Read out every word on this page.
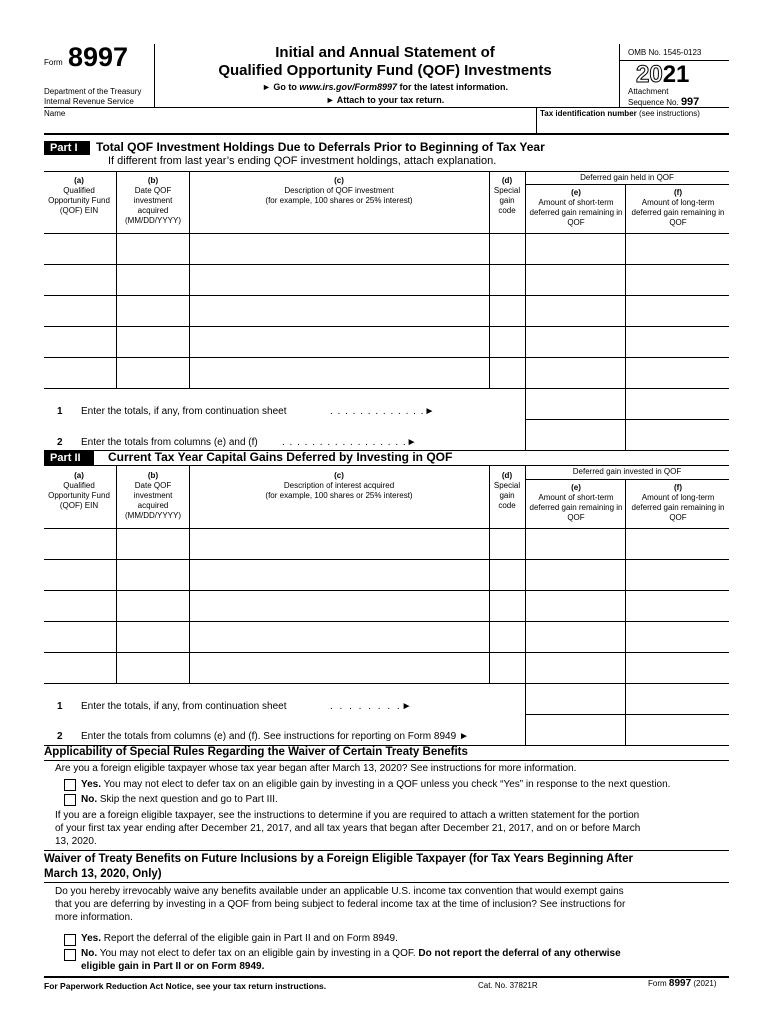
Form 8997
Department of the Treasury
Internal Revenue Service
Initial and Annual Statement of
Qualified Opportunity Fund (QOF) Investments
► Go to www.irs.gov/Form8997 for the latest information.
► Attach to your tax return.
OMB No. 1545-0123
2021
Attachment
Sequence No. 997
Name	Tax identification number (see instructions)
Part I	Total QOF Investment Holdings Due to Deferrals Prior to Beginning of Tax Year
If different from last year’s ending QOF investment holdings, attach explanation.
(a)
Qualified Opportunity Fund (QOF) EIN
(b)
Date QOF investment acquired (MM/DD/YYYY)
(c)
Description of QOF investment
(for example, 100 shares or 25% interest)
(d)
Special gain code
Deferred gain held in QOF
(e)
Amount of short-term deferred gain remaining in QOF
(f)
Amount of long-term deferred gain remaining in QOF
1 Enter the totals, if any, from continuation sheet	. . . . . . . . . . . . .►
2 Enter the totals from columns (e) and (f) . . . . . . . . . . . . . . . . .►
Part II	Current Tax Year Capital Gains Deferred by Investing in QOF
(a)
Qualified Opportunity Fund (QOF) EIN
(b)
Date QOF investment acquired (MM/DD/YYYY)
(c)
Description of interest acquired
(for example, 100 shares or 25% interest)
(d)
Special gain code
Deferred gain invested in QOF
(e)
Amount of short-term deferred gain remaining in QOF
(f)
Amount of long-term deferred gain remaining in QOF
1 Enter the totals, if any, from continuation sheet	. . . . . . . .►
2 Enter the totals from columns (e) and (f). See instructions for reporting on Form 8949 ►
Applicability of Special Rules Regarding the Waiver of Certain Treaty Benefits
Are you a foreign eligible taxpayer whose tax year began after March 13, 2020? See instructions for more information.
Yes. You may not elect to defer tax on an eligible gain by investing in a QOF unless you check “Yes” in response to the next question.
No. Skip the next question and go to Part III.
If you are a foreign eligible taxpayer, see the instructions to determine if you are required to attach a written statement for the portion
of your first tax year ending after December 21, 2017, and all tax years that began after December 21, 2017, and on or before March
13, 2020.
Waiver of Treaty Benefits on Future Inclusions by a Foreign Eligible Taxpayer (for Tax Years Beginning After
March 13, 2020, Only)
Do you hereby irrevocably waive any benefits available under an applicable U.S. income tax convention that would exempt gains
that you are deferring by investing in a QOF from being subject to federal income tax at the time of inclusion? See instructions for
more information.
Yes. Report the deferral of the eligible gain in Part II and on Form 8949.
No. You may not elect to defer tax on an eligible gain by investing in a QOF. Do not report the deferral of any otherwise
eligible gain in Part II or on Form 8949.
For Paperwork Reduction Act Notice, see your tax return instructions.	Cat. No. 37821R	Form 8997 (2021)
